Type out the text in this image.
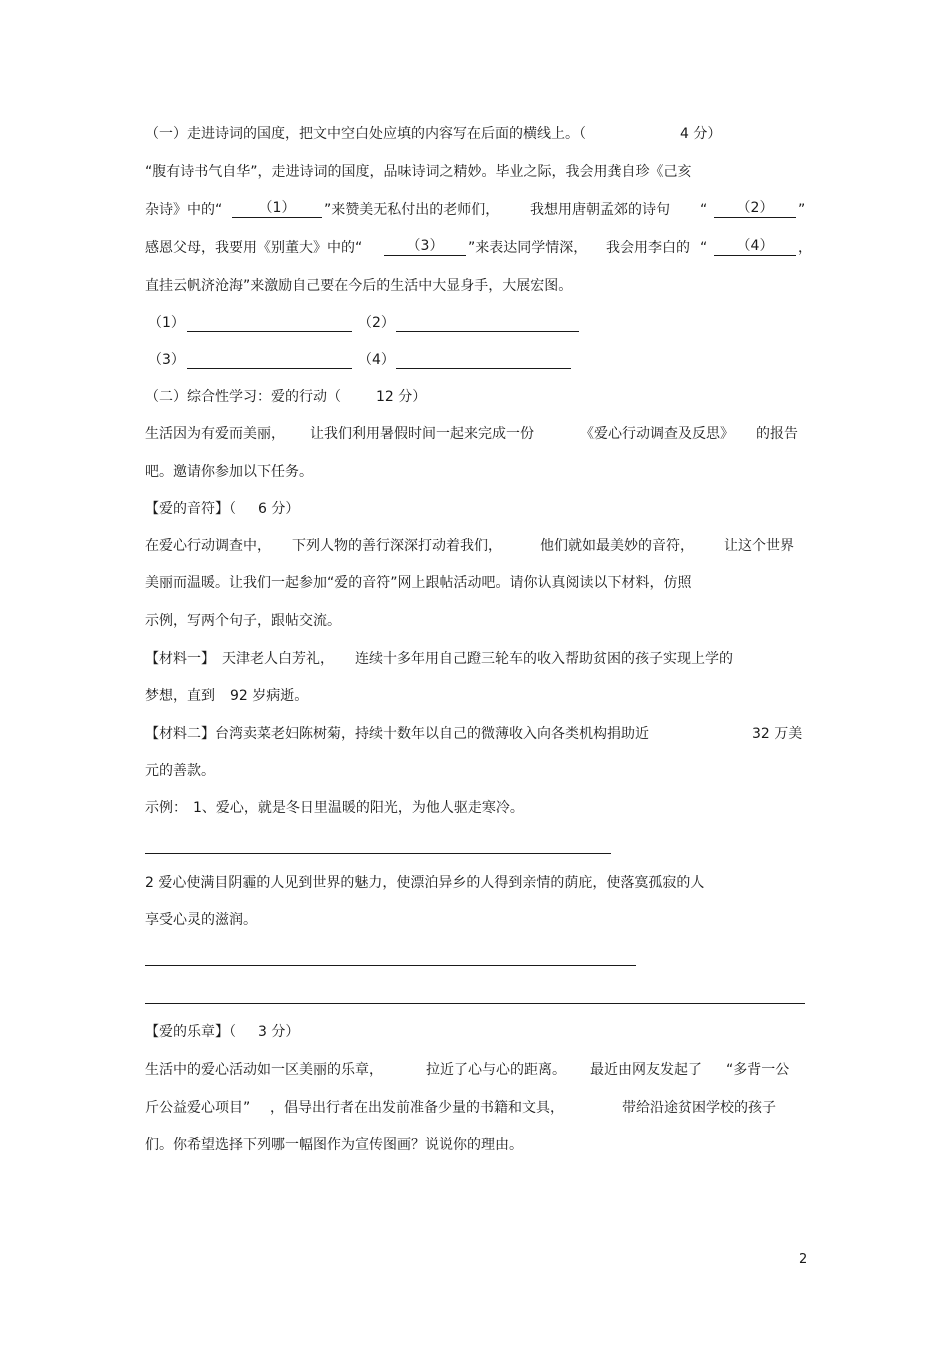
（一）走进诗词的国度，把文中空白处应填的内容写在后面的横线上。（	4 分）
“腹有诗书气自华”，走进诗词的国度，品味诗词之精妙。毕业之际，我会用龚自珍《己亥
杂诗》中的“	（1）	”来赞美无私付出的老师们， 我想用唐朝孟郊的诗句 “	（2）	”
感恩父母，我要用《别董大》中的“	（3）	”来表达同学情深， 我会用李白的 “	（4）	，
直挂云帆济沧海”来激励自己要在今后的生活中大显身手，大展宏图。
（1）	（2）
（3）	（4）
（二）综合性学习：爱的行动（	12 分）
生活因为有爱而美丽， 让我们利用暑假时间一起来完成一份	《爱心行动调查及反思》 的报告
吧。邀请你参加以下任务。
【爱的音符】（ 6 分）
在爱心行动调查中， 下列人物的善行深深打动着我们，	他们就如最美妙的音符， 让这个世界
美丽而温暖。让我们一起参加“爱的音符”网上跟帖活动吧。请你认真阅读以下材料，仿照
示例，写两个句子，跟帖交流。
【材料一】 天津老人白芳礼， 连续十多年用自己蹬三轮车的收入帮助贫困的孩子实现上学的
梦想，直到 92 岁病逝。
【材料二】台湾卖菜老妇陈树菊，持续十数年以自己的微薄收入向各类机构捐助近	32 万美
元的善款。
示例： 1、爱心，就是冬日里温暖的阳光，为他人驱走寒冷。
2 爱心使满目阴霾的人见到世界的魅力，使漂泊异乡的人得到亲情的荫庇，使落寞孤寂的人
享受心灵的滋润。
【爱的乐章】（ 3 分）
生活中的爱心活动如一区美丽的乐章，	拉近了心与心的距离。 最近由网友发起了 “多背一公
斤公益爱心项目” ，倡导出行者在出发前准备少量的书籍和文具，	带给沿途贫困学校的孩子
们。你希望选择下列哪一幅图作为宣传图画？说说你的理由。
2
